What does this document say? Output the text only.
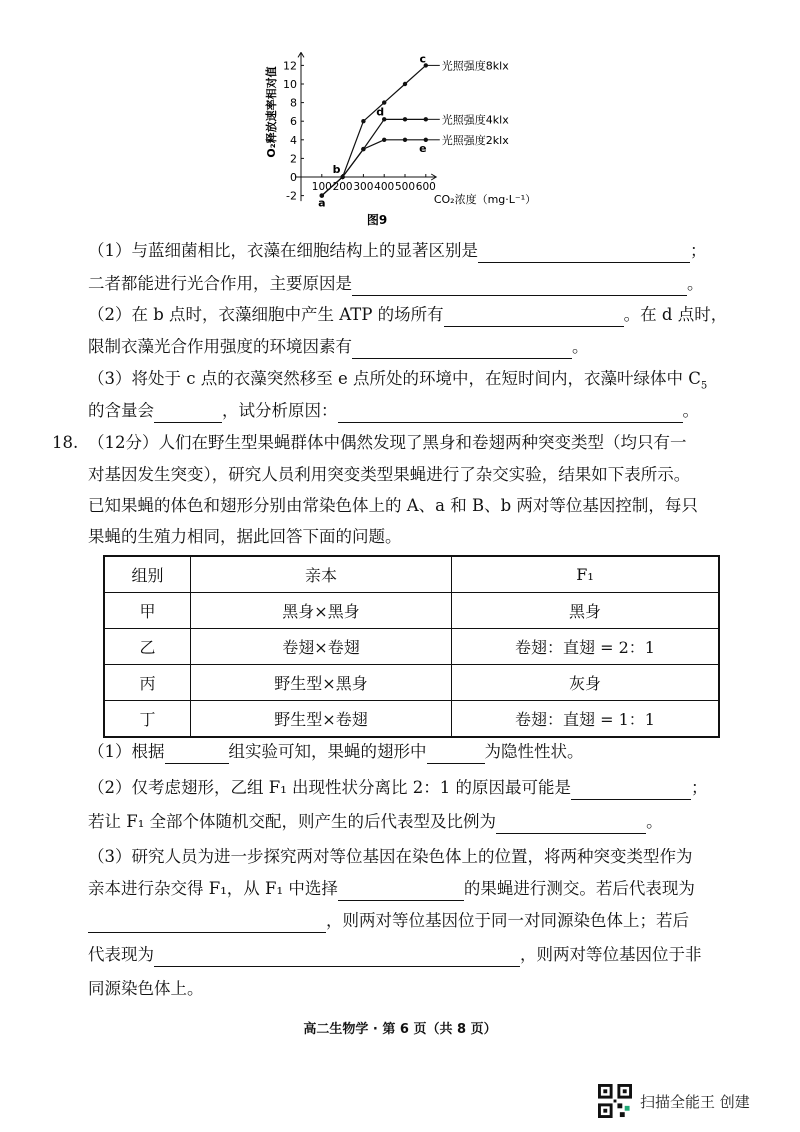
O₂释放速率相对值
12
10
8
6
4
2
0
-2
100 200 300 400 500 600
光照强度8klx
光照强度4klx
光照强度2klx
a
b
c
d
e
CO₂浓度（mg·L⁻¹）
图9
（1）与蓝细菌相比，衣藻在细胞结构上的显著区别是	；
二者都能进行光合作用，主要原因是	。
（2）在 b 点时，衣藻细胞中产生 ATP 的场所有	。在 d 点时，
限制衣藻光合作用强度的环境因素有	。
（3）将处于 c 点的衣藻突然移至 e 点所处的环境中，在短时间内，衣藻叶绿体中 $C_5$
的含量会	，试分析原因：	。
18. （12分）人们在野生型果蝇群体中偶然发现了黑身和卷翅两种突变类型（均只有一
对基因发生突变），研究人员利用突变类型果蝇进行了杂交实验，结果如下表所示。
已知果蝇的体色和翅形分别由常染色体上的 A、a 和 B、b 两对等位基因控制，每只
果蝇的生殖力相同，据此回答下面的问题。
组别	亲本	F₁
甲	黑身×黑身	黑身
乙	卷翅×卷翅	卷翅：直翅 = 2：1
丙	野生型×黑身	灰身
丁	野生型×卷翅	卷翅：直翅 = 1：1
（1）根据	组实验可知，果蝇的翅形中	为隐性性状。
（2）仅考虑翅形，乙组 F₁ 出现性状分离比 2：1 的原因最可能是	；
若让 F₁ 全部个体随机交配，则产生的后代表型及比例为	。
（3）研究人员为进一步探究两对等位基因在染色体上的位置，将两种突变类型作为
亲本进行杂交得 F₁，从 F₁ 中选择	的果蝇进行测交。若后代表现为
，则两对等位基因位于同一对同源染色体上；若后
代表现为	，则两对等位基因位于非
同源染色体上。
高二生物学 · 第 6 页（共 8 页）
扫描全能王 创建
